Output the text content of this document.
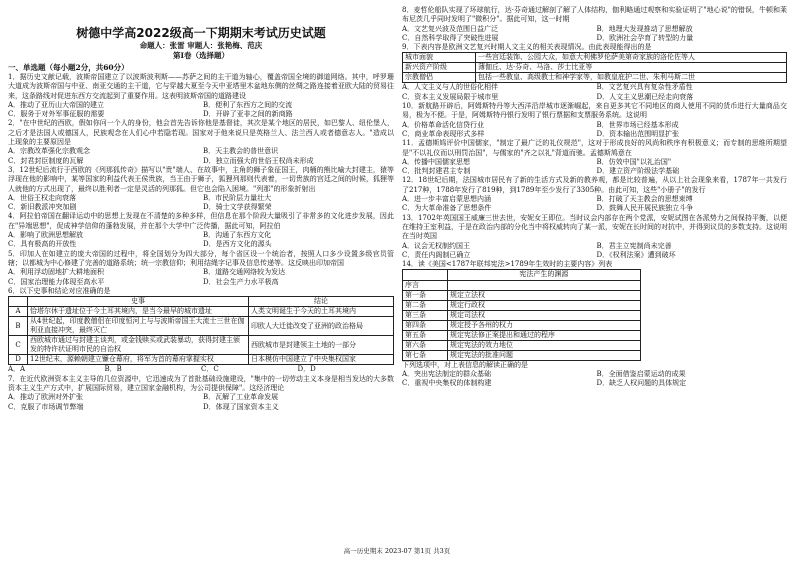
树德中学高2022级高一下期期末考试历史试题
命题人：张雷 审题人：张艳梅、范庆
第Ⅰ卷（选择题）
一、单选题（每小题2分，共60分）

1．据历史文献记载，波斯帝国建立了以波斯波利斯——苏萨之间的主干道为轴心，覆盖帝国全境的御道网络。其中，呼罗珊大道成为波斯帝国与中亚、南亚交通的主干道，它与穿越大夏至今天中亚塔里木盆地东侧的丝绸之路连接着亚欧大陆的贸易往来，这条路线对促进东西方交流起到了重要作用。这表明波斯帝国的道路建设

A．推动了亚历山大帝国的建立	B．便利了东西方之间的交流
C．服务于对外军事征服的需要	D．开辟了亚非之间的新商路

2．"在中世纪的西欧，假如你问一个人的身份，他会首先告诉你他是基督徒，其次是某个地区的居民，如巴黎人、纽伦堡人，之后才是法国人或德国人，民族观念在人们心中若隐若现。国家对于他来说只是英格兰人、法兰西人或者德意志人。"造成以上现象的主要原因是

A．宗教改革强化宗教观念	B．天主教会的普世意识
C．封君封臣制度的瓦解	D．独立而强大的世俗王权尚未形成

3．12世纪后流行于西欧的《列那狐传奇》描写以"贵"端人、在故事中，主角的狮子象征国王，肉桶的熊比喻大封建主，猿等浮现在他的影响中，某等国家的利益代表王侯贵族，当王由于狮子，狐狸列那则代表着，一切贵族的宫廷之间的时候，狐狸等人就他的方式出现了，最终以胜利者一定是灵活的列那狐。但它也会陷入困境。"列那"的形象折射出

A．世俗王权走向衰落	B．市民阶层力量壮大
C．新旧教派冲突加剧	D．骑士文学获得繁荣

4．阿拉伯帝国在翻译运动中的思想上发现在不清楚的多种多样，但信息在那个阶段大量吸引了非常多的文化进步发展，因此在"异端思想"，促成神学信仰的蓬勃发展，并在那个大学中广泛传播，据此可知，阿拉伯

A．影响了欧洲思想解放	B．沟通了东西方文化
C．具有极高的开放性	D．是西方文化的源头

5．印加人在如建立的庞大帝国的过程中，将全国划分为四大部分，每个省区设一个统治者，按照人口多少设置多级官员管辖；以都城为中心修建了完善的道路系统；统一宗教信仰；利用结绳字记事及信息传递等。这反映出印加帝国

A．利用浮动固地扩大耕地面积	B．道路交通网络较为发达
C．国家治理能力体现至高水平	D．社会生产力水平极高

6．以下史事和结论对应准确的是

	史事	结论
A	恰塔尔休于遗址位于今土耳其境内，是当今最早的城市遗址	人类文明诞生于今天的土耳其境内
B	从4世纪起，印度教僧侣在印度恒河上与与波斯帝国王大流士三世在伽利亚直接冲突，最终灭亡	印欧人大迁徙改变了亚洲的政治格局
C	西欧城市通过与封建主谈判，或金钱赎买或武装暴动，获得封建主颁发的特许状证明市民的自治权	西欧城市是封建领主土地的一部分
D	12世纪末，源赖朝建立镰仓幕府，将军为首的幕府掌握实权	日本模仿中国建立了中央集权国家
A．A	B．B	C．C	D．D

7．在近代欧洲资本主义主导的几位资源中，它迅速成为了首批基础设施建设，"集中的一切劳动主义本身是相当发达的大多数资本主义生产方式中，扩展国际贸易，建立国家金融机构，为公司提供保障"。这经济理论

A．推动了欧洲对外扩张	B．瓦解了工业革命发展
C．克服了市场调节弊端	D．体现了国家资本主义

8．麦哲伦船队实现了环球航行，达·芬奇通过解剖了解了人体结构，伽利略通过观察和实验证明了"地心说"的错误，牛顿和莱布尼茨几乎同时发明了"微积分"。据此可知，这一时期

A．文艺复兴波及范围日益广泛	B．地理大发现推动了思想解放
C．自然科学取得了突破性进展	D．欧洲社会孕育了转型的力量

9．下表内容是欧洲文艺复兴时期人文主义的相关表现情况。由此表现能得出的是

城市面貌	一些宫廷装饰、公园大众，如意大利佛罗伦萨美第奇家族的洛伦佐等人
新兴资产阶级	薄伽丘、达·芬奇、马洛、莎士比亚等
宗教僧侣	包括一些教皇、高级教士和神学家等，如教皇庇护二世、朱利马斯二世
A．人文主义与人的世俗化相伴	B．文艺复兴具有复杂性矛盾性
C．资本主义发展局限于城市里	D．人文主义思潮已经走向衰落

10．新航路开辟后，阿姆斯特丹等大西洋沿岸城市逐渐崛起，来自更多其它不同地区的商人使用不同的货币进行大量商品交易，极为不便。于是，阿姆斯特丹银行发明了银行票据和支票服务系统。这说明

A．价格革命活化信贷行业	B．世界市场已经基本形成
C．商业革命表现形式多样	D．资本输出范围明显扩张

11．孟德斯鸠评价中国儒家，"制定了最广泛的礼仪规范"，这对于形成良好的风尚和秩序有积极意义；而专制的思维所期望是"不以礼仪而以刑罚治国"，与儒家的"齐之以礼"背道而驰。孟德斯鸠意在

A．传播中国儒家思想	B．仿效中国"以礼治国"
C．批判封建君主专制	D．建立资产阶级法学基础

12．18世纪后期，法国城市居民有了新的生活方式及新的教养观，都是比较普遍，从以上社会现象来看，1787年一共发行了217种，1788年发行了819种，到1789年至少发行了3305种。由此可知，这些"小册子"的发行

A．进一步丰富启蒙思想内涵	B．打破了天主教会的思想束缚
C．为大革命准备了思想条件	D．鼓舞人民开展民族独立斗争

13．1702年英国国王威廉三世去世，安妮女王即位。当时议会内部存在两个党派，安妮试图在各派势力之间保持平衡，以便在维持王室利益，于是在政治内部的分化当中将权威转向了某一派，安妮在长时间的对抗中，并得到议员的多数支持。这说明在当时英国

A．议会无权制约国王	B．君主立宪制尚未完善
C．责任内阁制已确立	D．《权利法案》遭到破坏

14．读《美国<1787年联邦宪法>1789年生效时的主要内容》列表

	宪法产生的渊源
序言	
第一条	规定立法权
第二条	规定行政权
第三条	规定司法权
第四条	规定授予各州的权力
第五条	规定宪法修正案提出和通过的程序
第六条	规定宪法的效力地位
第七条	规定宪法的批准问题

下列选项中，对上表信息的解读正确的是

A．突出宪法制定的群众基础	B．全面借鉴启蒙运动的成果
C．重视中央集权的体制构建	D．缺乏人权问题的具体规定
高一历史期末 2023-07 第1页 共3页
